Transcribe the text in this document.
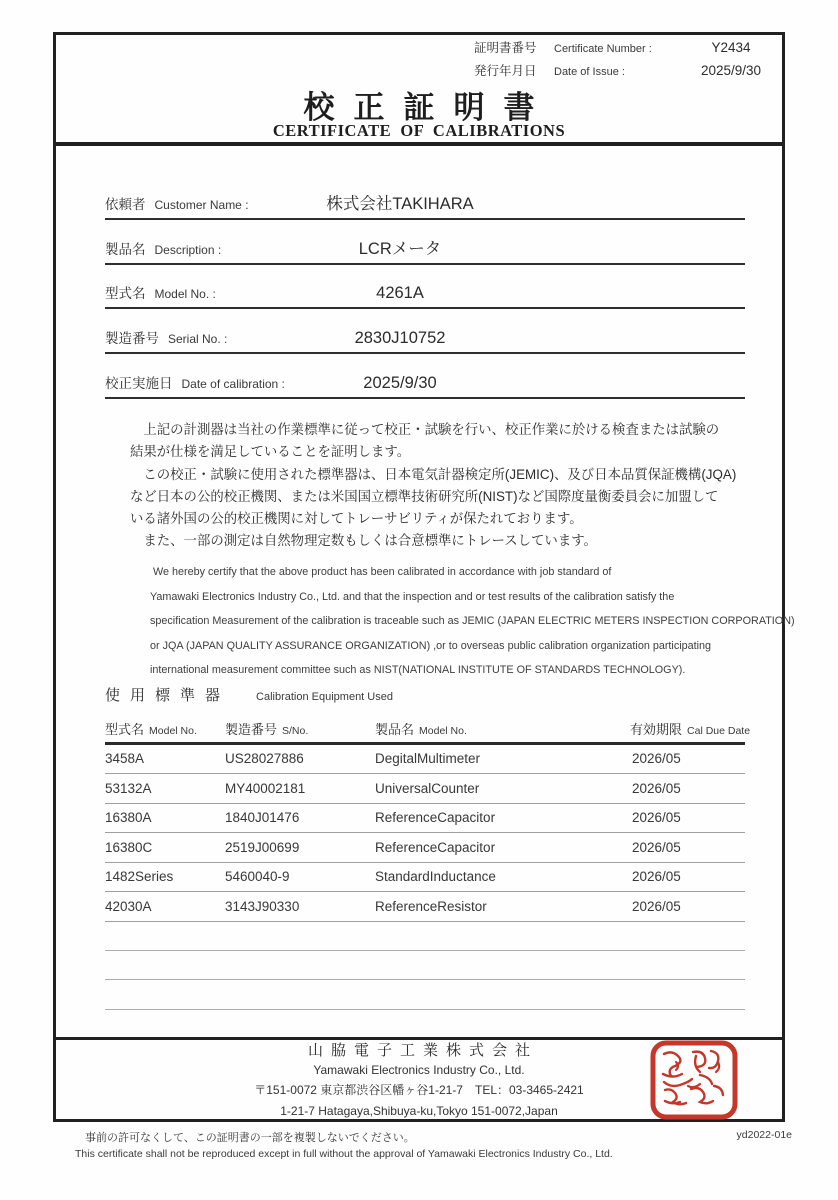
証明書番号	Certificate Number :	Y2434
発行年月日	Date of Issue :	2025/9/30
校正証明書
CERTIFICATE  OF  CALIBRATIONS
依頼者 Customer Name :	株式会社TAKIHARA
製品名 Description :	LCRメータ
型式名 Model No. :	4261A
製造番号 Serial No. :	2830J10752
校正実施日 Date of calibration :	2025/9/30
　上記の計測器は当社の作業標準に従って校正・試験を行い、校正作業に於ける検査または試験の
結果が仕様を満足していることを証明します。
　この校正・試験に使用された標準器は、日本電気計器検定所(JEMIC)、及び日本品質保証機構(JQA)
など日本の公的校正機関、または米国国立標準技術研究所(NIST)など国際度量衡委員会に加盟して
いる諸外国の公的校正機関に対してトレーサビリティが保たれております。
　また、一部の測定は自然物理定数もしくは合意標準にトレースしています。
We hereby certify that the above product has been calibrated in accordance with job standard of
Yamawaki Electronics Industry Co., Ltd. and that the inspection and or test results of the calibration satisfy the
specification Measurement of the calibration is traceable such as JEMIC (JAPAN ELECTRIC METERS INSPECTION CORPORATION)
or JQA (JAPAN QUALITY ASSURANCE ORGANIZATION) ,or to overseas public calibration organization participating
international measurement committee such as NIST(NATIONAL INSTITUTE OF STANDARDS TECHNOLOGY).
使用標準器 Calibration Equipment Used
型式名 Model No. 製造番号 S/No.	製品名 Model No.	有効期限 Cal Due Date
3458A	US28027886	DegitalMultimeter	2026/05
53132A	MY40002181	UniversalCounter	2026/05
16380A	1840J01476	ReferenceCapacitor	2026/05
16380C	2519J00699	ReferenceCapacitor	2026/05
1482Series	5460040-9	StandardInductance	2026/05
42030A	3143J90330	ReferenceResistor	2026/05
山脇電子工業株式会社
Yamawaki Electronics Industry Co., Ltd.
〒151-0072 東京都渋谷区幡ヶ谷1-21-7　TEL：03-3465-2421
1-21-7 Hatagaya,Shibuya-ku,Tokyo 151-0072,Japan
事前の許可なくして、この証明書の一部を複製しないでください。	yd2022-01e
This certificate shall not be reproduced except in full without the approval of Yamawaki Electronics Industry Co., Ltd.
